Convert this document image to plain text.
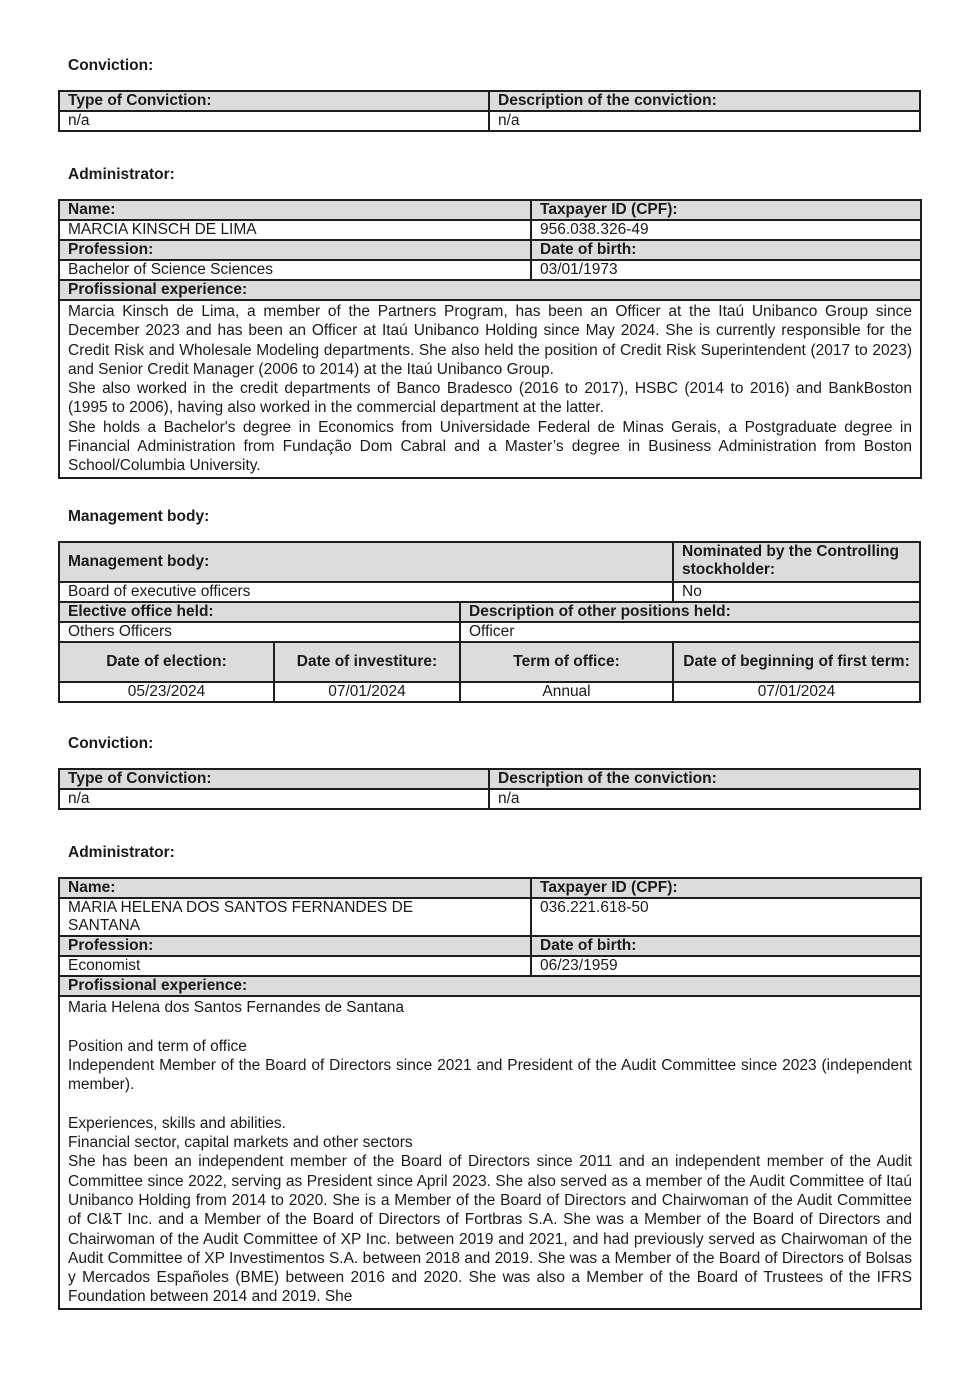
Conviction:
Type of Conviction:	Description of the conviction:
n/a	n/a
Administrator:
Name:	Taxpayer ID (CPF):
MARCIA KINSCH DE LIMA	956.038.326-49
Profession:	Date of birth:
Bachelor of Science Sciences	03/01/1973
Profissional experience:	

Marcia Kinsch de Lima, a member of the Partners Program, has been an Officer at the Itaú Unibanco Group since December 2023 and has been an Officer at Itaú Unibanco Holding since May 2024. She is currently responsible for the Credit Risk and Wholesale Modeling departments. She also held the position of Credit Risk Superintendent (2017 to 2023) and Senior Credit Manager (2006 to 2014) at the Itaú Unibanco Group.

She also worked in the credit departments of Banco Bradesco (2016 to 2017), HSBC (2014 to 2016) and BankBoston (1995 to 2006), having also worked in the commercial department at the latter.

She holds a Bachelor's degree in Economics from Universidade Federal de Minas Gerais, a Postgraduate degree in Financial Administration from Fundação Dom Cabral and a Master’s degree in Business Administration from Boston School/Columbia University.	

Management body:
Management body:			Nominated by the Controlling stockholder:
Board of executive officers			No
Elective office held:		Description of other positions held:	
Others Officers		Officer	
Date of election:	Date of investiture:	Term of office:	Date of beginning of first term:
05/23/2024	07/01/2024	Annual	07/01/2024
Conviction:
Type of Conviction:	Description of the conviction:
n/a	n/a
Administrator:
Name:	Taxpayer ID (CPF):
MARIA HELENA DOS SANTOS FERNANDES DE SANTANA	036.221.618-50
Profession:	Date of birth:
Economist	06/23/1959
Profissional experience:	

Maria Helena dos Santos Fernandes de Santana

Position and term of office

Independent Member of the Board of Directors since 2021 and President of the Audit Committee since 2023 (independent member).

Experiences, skills and abilities.

Financial sector, capital markets and other sectors

She has been an independent member of the Board of Directors since 2011 and an independent member of the Audit Committee since 2022, serving as President since April 2023. She also served as a member of the Audit Committee of Itaú Unibanco Holding from 2014 to 2020. She is a Member of the Board of Directors and Chairwoman of the Audit Committee of CI&T Inc. and a Member of the Board of Directors of Fortbras S.A. She was a Member of the Board of Directors and Chairwoman of the Audit Committee of XP Inc. between 2019 and 2021, and had previously served as Chairwoman of the Audit Committee of XP Investimentos S.A. between 2018 and 2019. She was a Member of the Board of Directors of Bolsas y Mercados Españoles (BME) between 2016 and 2020. She was also a Member of the Board of Trustees of the IFRS Foundation between 2014 and 2019. She
